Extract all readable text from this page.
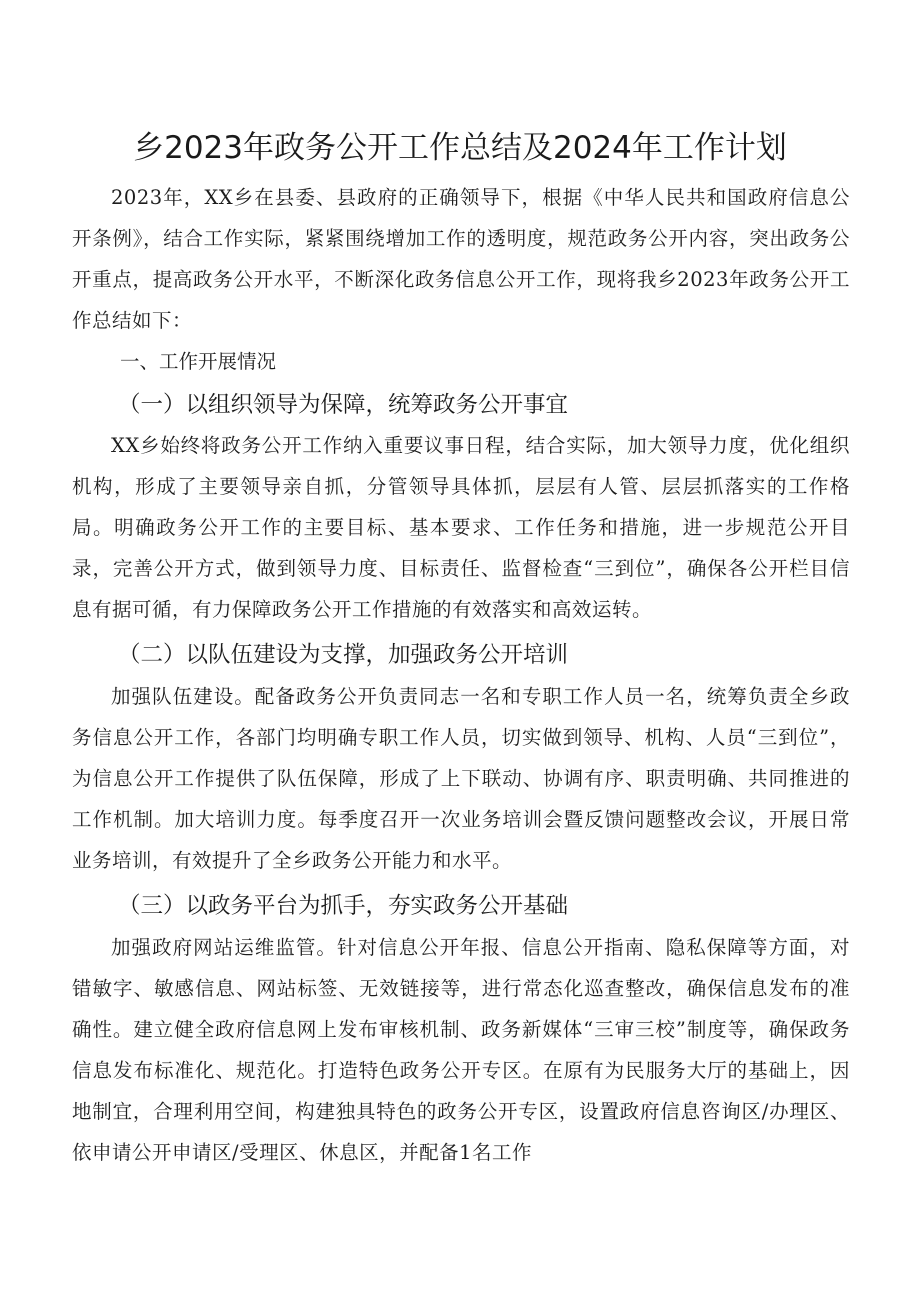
乡2023年政务公开工作总结及2024年工作计划
2023年，XX乡在县委、县政府的正确领导下，根据《中华人民共和国政府信息公开条例》，结合工作实际，紧紧围绕增加工作的透明度，规范政务公开内容，突出政务公开重点，提高政务公开水平，不断深化政务信息公开工作，现将我乡2023年政务公开工作总结如下：
一、工作开展情况
（一）以组织领导为保障，统筹政务公开事宜
XX乡始终将政务公开工作纳入重要议事日程，结合实际，加大领导力度，优化组织机构，形成了主要领导亲自抓，分管领导具体抓，层层有人管、层层抓落实的工作格局。明确政务公开工作的主要目标、基本要求、工作任务和措施，进一步规范公开目录，完善公开方式，做到领导力度、目标责任、监督检查“三到位”，确保各公开栏目信息有据可循，有力保障政务公开工作措施的有效落实和高效运转。
（二）以队伍建设为支撑，加强政务公开培训
加强队伍建设。配备政务公开负责同志一名和专职工作人员一名，统筹负责全乡政务信息公开工作，各部门均明确专职工作人员，切实做到领导、机构、人员“三到位”，为信息公开工作提供了队伍保障，形成了上下联动、协调有序、职责明确、共同推进的工作机制。加大培训力度。每季度召开一次业务培训会暨反馈问题整改会议，开展日常业务培训，有效提升了全乡政务公开能力和水平。
（三）以政务平台为抓手，夯实政务公开基础
加强政府网站运维监管。针对信息公开年报、信息公开指南、隐私保障等方面，对错敏字、敏感信息、网站标签、无效链接等，进行常态化巡查整改，确保信息发布的准确性。建立健全政府信息网上发布审核机制、政务新媒体“三审三校”制度等，确保政务信息发布标准化、规范化。打造特色政务公开专区。在原有为民服务大厅的基础上，因地制宜，合理利用空间，构建独具特色的政务公开专区，设置政府信息咨询区/办理区、依申请公开申请区/受理区、休息区，并配备1名工作
